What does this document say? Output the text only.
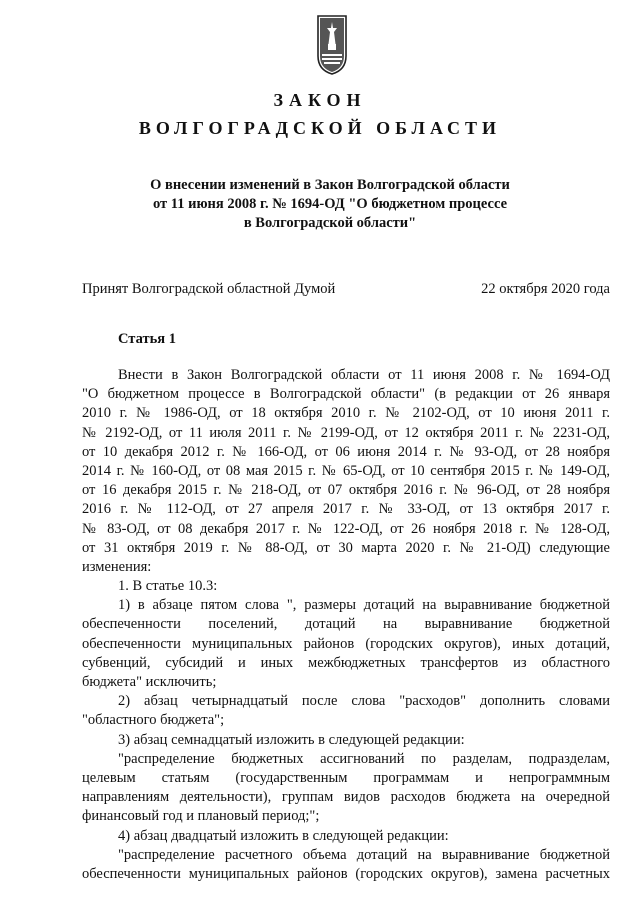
ЗАКОН
ВОЛГОГРАДСКОЙ ОБЛАСТИ
О внесении изменений в Закон Волгоградской области
от 11 июня 2008 г. № 1694-ОД "О бюджетном процессе
в Волгоградской области"
Принят Волгоградской областной Думой	22 октября 2020 года
Статья 1
Внести в Закон Волгоградской области от 11 июня 2008 г. № 1694-ОД
"О бюджетном процессе в Волгоградской области" (в редакции от 26 января
2010 г. № 1986-ОД, от 18 октября 2010 г. № 2102-ОД, от 10 июня 2011 г.
№ 2192-ОД, от 11 июля 2011 г. № 2199-ОД, от 12 октября 2011 г. № 2231-ОД,
от 10 декабря 2012 г. № 166-ОД, от 06 июня 2014 г. № 93-ОД, от 28 ноября
2014 г. № 160-ОД, от 08 мая 2015 г. № 65-ОД, от 10 сентября 2015 г. № 149-ОД,
от 16 декабря 2015 г. № 218-ОД, от 07 октября 2016 г. № 96-ОД, от 28 ноября
2016 г. № 112-ОД, от 27 апреля 2017 г. № 33-ОД, от 13 октября 2017 г.
№ 83-ОД, от 08 декабря 2017 г. № 122-ОД, от 26 ноября 2018 г. № 128-ОД,
от 31 октября 2019 г. № 88-ОД, от 30 марта 2020 г. № 21-ОД) следующие
изменения:
1. В статье 10.3:
1) в абзаце пятом слова ", размеры дотаций на выравнивание бюджетной
обеспеченности поселений, дотаций на выравнивание бюджетной
обеспеченности муниципальных районов (городских округов), иных дотаций,
субвенций, субсидий и иных межбюджетных трансфертов из областного
бюджета" исключить;
2) абзац четырнадцатый после слова "расходов" дополнить словами
"областного бюджета";
3) абзац семнадцатый изложить в следующей редакции:
"распределение бюджетных ассигнований по разделам, подразделам,
целевым статьям (государственным программам и непрограммным
направлениям деятельности), группам видов расходов бюджета на очередной
финансовый год и плановый период;";
4) абзац двадцатый изложить в следующей редакции:
"распределение расчетного объема дотаций на выравнивание бюджетной
обеспеченности муниципальных районов (городских округов), замена расчетных
